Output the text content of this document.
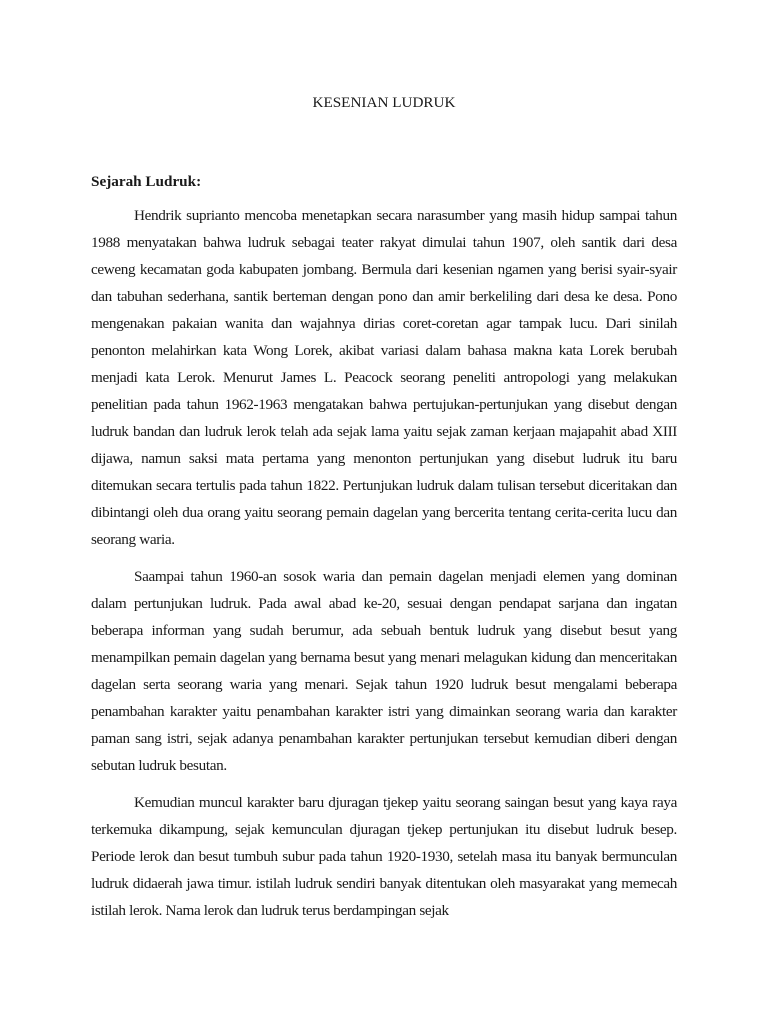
KESENIAN LUDRUK
Sejarah Ludruk:

Hendrik suprianto mencoba menetapkan secara narasumber yang masih hidup sampai tahun 1988 menyatakan bahwa ludruk sebagai teater rakyat dimulai tahun 1907, oleh santik dari desa ceweng kecamatan goda kabupaten jombang. Bermula dari kesenian ngamen yang berisi syair-syair dan tabuhan sederhana, santik berteman dengan pono dan amir berkeliling dari desa ke desa. Pono mengenakan pakaian wanita dan wajahnya dirias coret-coretan agar tampak lucu. Dari sinilah penonton melahirkan kata Wong Lorek, akibat variasi dalam bahasa makna kata Lorek berubah menjadi kata Lerok. Menurut James L. Peacock seorang peneliti antropologi yang melakukan penelitian pada tahun 1962-1963 mengatakan bahwa pertujukan-pertunjukan yang disebut dengan ludruk bandan dan ludruk lerok telah ada sejak lama yaitu sejak zaman kerjaan majapahit abad XIII dijawa, namun saksi mata pertama yang menonton pertunjukan yang disebut ludruk itu baru ditemukan secara tertulis pada tahun 1822. Pertunjukan ludruk dalam tulisan tersebut diceritakan dan dibintangi oleh dua orang yaitu seorang pemain dagelan yang bercerita tentang cerita-cerita lucu dan seorang waria.

Saampai tahun 1960-an sosok waria dan pemain dagelan menjadi elemen yang dominan dalam pertunjukan ludruk. Pada awal abad ke-20, sesuai dengan pendapat sarjana dan ingatan beberapa informan yang sudah berumur, ada sebuah bentuk ludruk yang disebut besut yang menampilkan pemain dagelan yang bernama besut yang menari melagukan kidung dan menceritakan dagelan serta seorang waria yang menari. Sejak tahun 1920 ludruk besut mengalami beberapa penambahan karakter yaitu penambahan karakter istri yang dimainkan seorang waria dan karakter paman sang istri, sejak adanya penambahan karakter pertunjukan tersebut kemudian diberi dengan sebutan ludruk besutan.

Kemudian muncul karakter baru djuragan tjekep yaitu seorang saingan besut yang kaya raya terkemuka dikampung, sejak kemunculan djuragan tjekep pertunjukan itu disebut ludruk besep. Periode lerok dan besut tumbuh subur pada tahun 1920-1930, setelah masa itu banyak bermunculan ludruk didaerah jawa timur. istilah ludruk sendiri banyak ditentukan oleh masyarakat yang memecah istilah lerok. Nama lerok dan ludruk terus berdampingan sejak
